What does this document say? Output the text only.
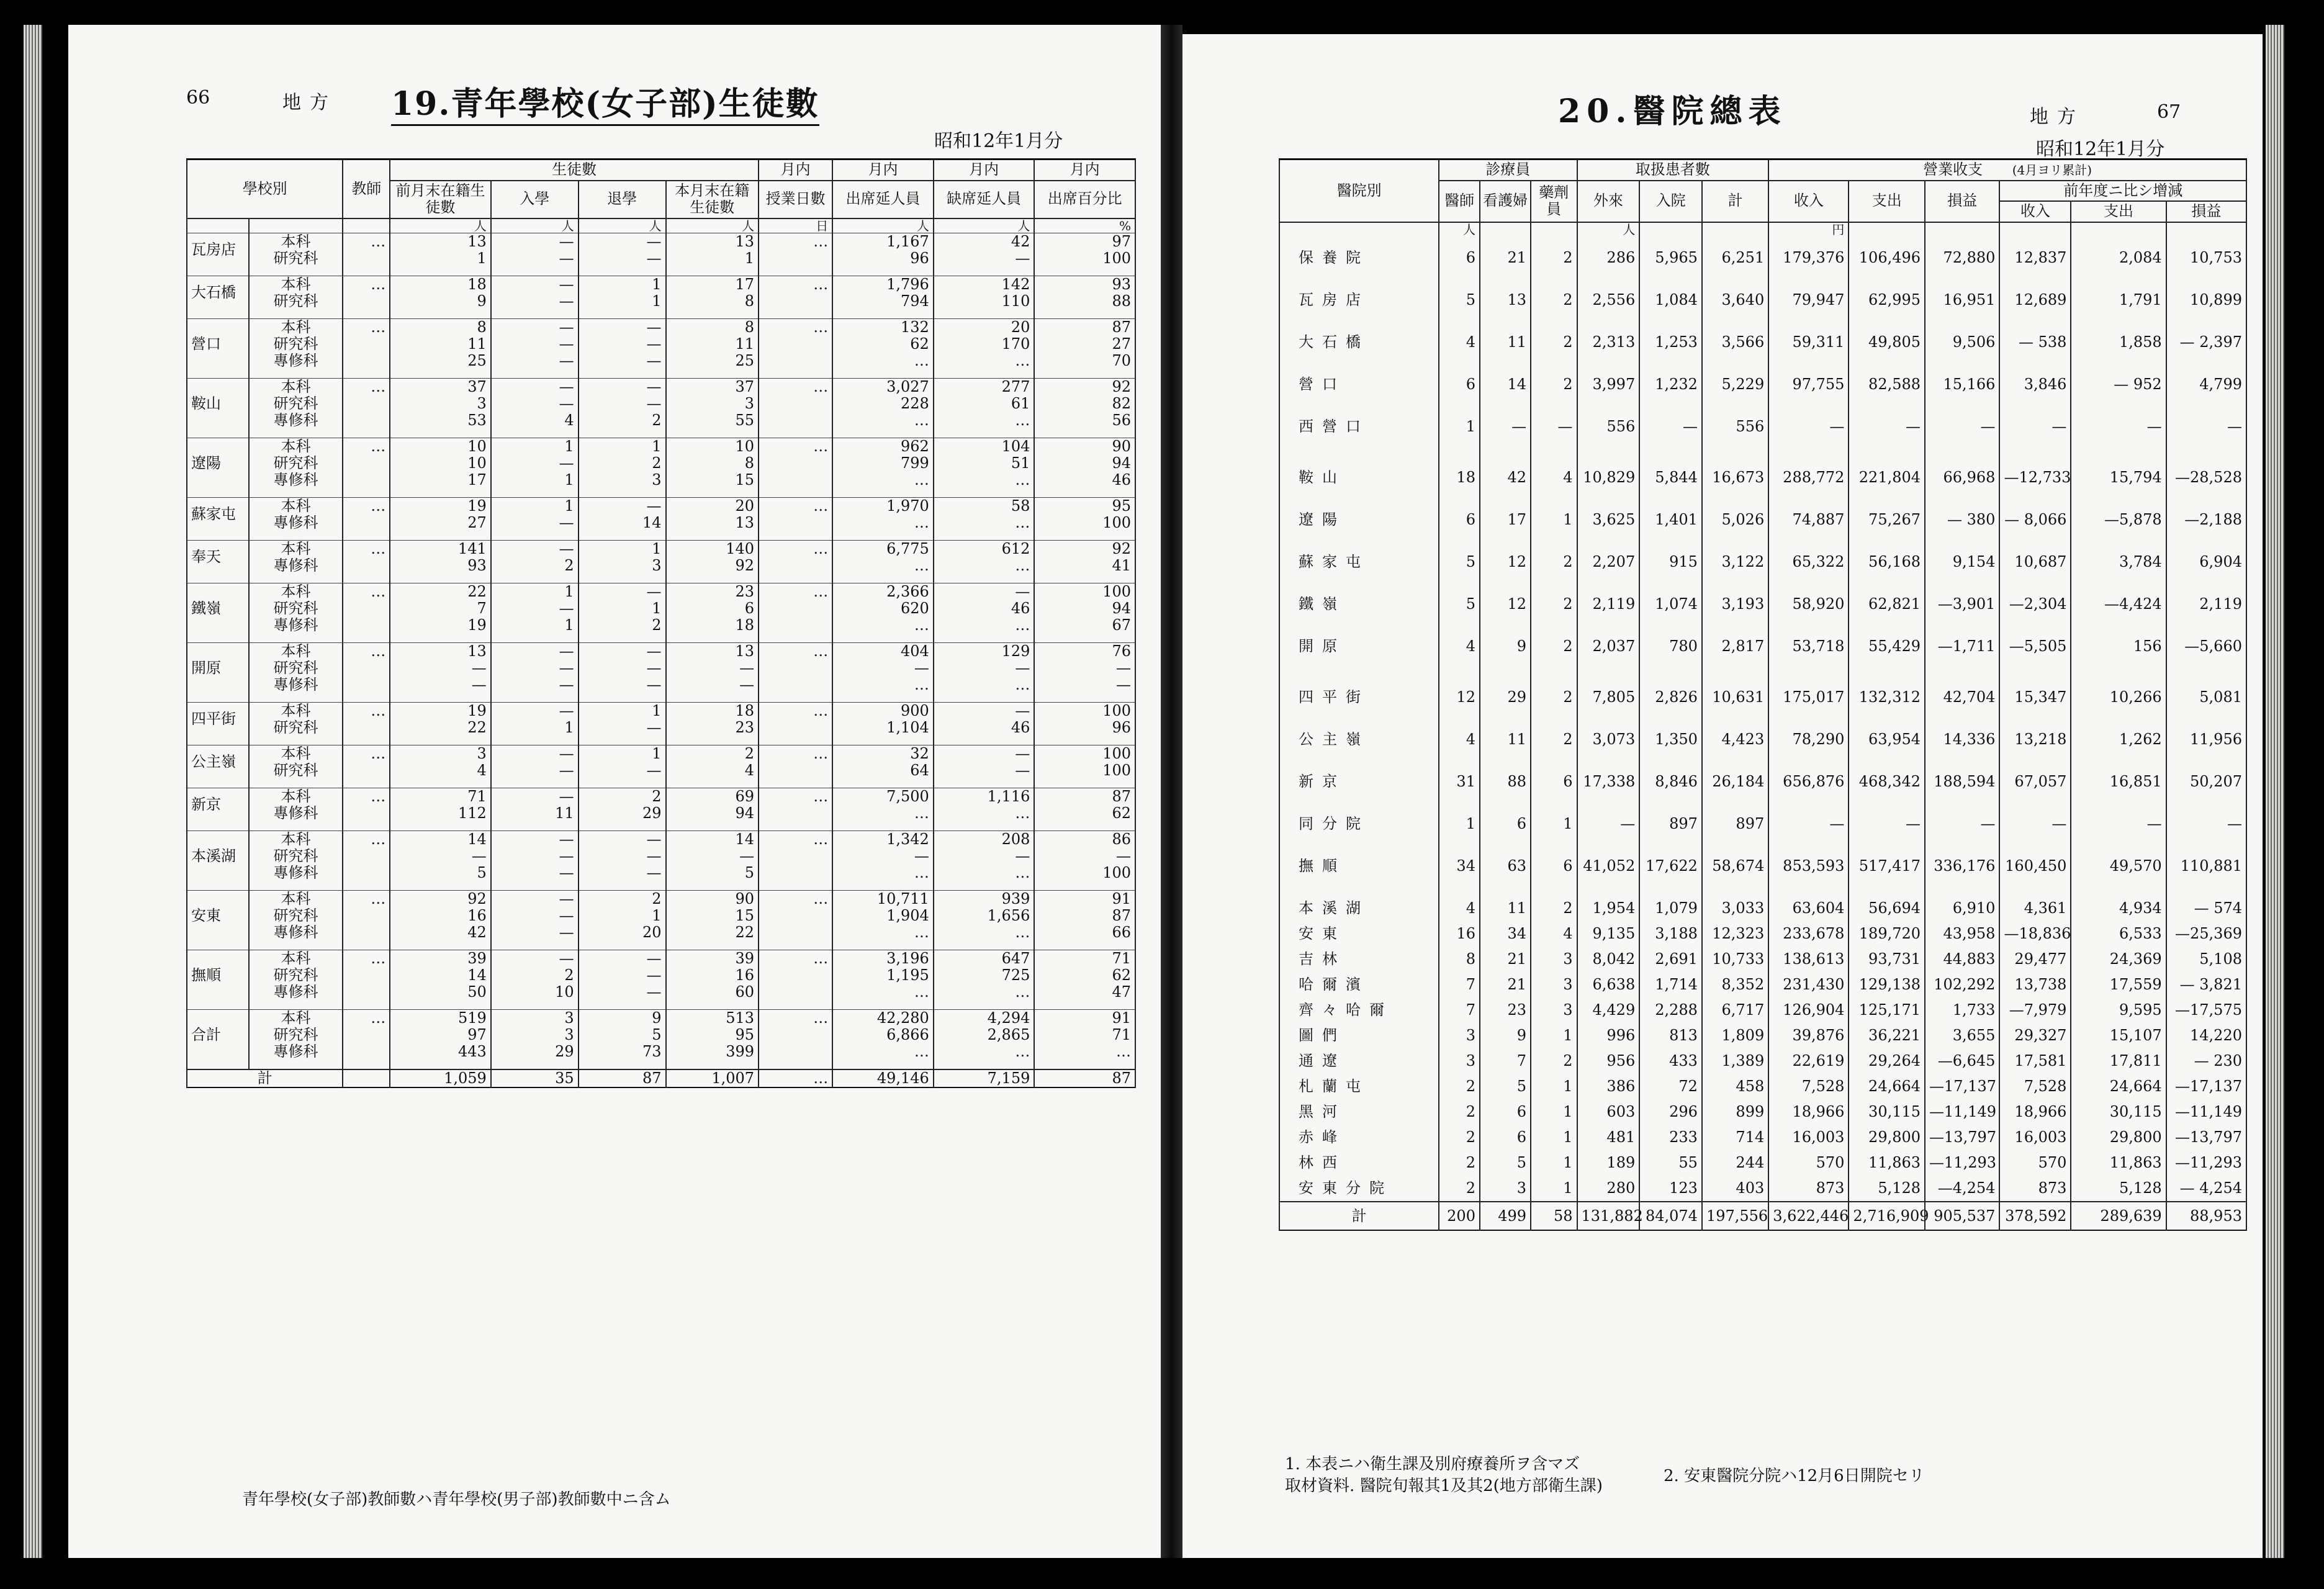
66	地方 19.青年學校(女子部)生徒數
昭和12年1月分
學校別		教師	生徒數				月内	月内	月内	月内
			前月末在籍生徒數	入學	退學	本月末在籍生徒數	授業日數	出席延人員	缺席延人員	出席百分比
			人	人	人	人	日	人	人	%
瓦房店	本科	…	13	—	—	13	…	1,167	42	97
	研究科		1	—	—	1		96	—	100

大石橋	本科	…	18	—	1	17	…	1,796	142	93
	研究科		9	—	1	8		794	110	88

營口	本科	…	8	—	—	8	…	132	20	87
	研究科		11	—	—	11		62	170	27
	專修科		25	—	—	25		…	…	70

鞍山	本科	…	37	—	—	37	…	3,027	277	92
	研究科		3	—	—	3		228	61	82
	專修科		53	4	2	55		…	…	56

遼陽	本科	…	10	1	1	10	…	962	104	90
	研究科		10	—	2	8		799	51	94
	專修科		17	1	3	15		…	…	46

蘇家屯	本科	…	19	1	—	20	…	1,970	58	95
	專修科		27	—	14	13		…	…	100

奉天	本科	…	141	—	1	140	…	6,775	612	92
	專修科		93	2	3	92		…	…	41

鐵嶺	本科	…	22	1	—	23	…	2,366	—	100
	研究科		7	—	1	6		620	46	94
	專修科		19	1	2	18		…	…	67

開原	本科	…	13	—	—	13	…	404	129	76
	研究科		—	—	—	—		—	—	—
	專修科		—	—	—	—		…	…	—

四平街	本科	…	19	—	1	18	…	900	—	100
	研究科		22	1	—	23		1,104	46	96

公主嶺	本科	…	3	—	1	2	…	32	—	100
	研究科		4	—	—	4		64	—	100

新京	本科	…	71	—	2	69	…	7,500	1,116	87
	專修科		112	11	29	94		…	…	62

本溪湖	本科	…	14	—	—	14	…	1,342	208	86
	研究科		—	—	—	—		—	—	—
	專修科		5	—	—	5		…	…	100

安東	本科	…	92	—	2	90	…	10,711	939	91
	研究科		16	—	1	15		1,904	1,656	87
	專修科		42	—	20	22		…	…	66

撫順	本科	…	39	—	—	39	…	3,196	647	71
	研究科		14	2	—	16		1,195	725	62
	專修科		50	10	—	60		…	…	47

合計	本科	…	519	3	9	513	…	42,280	4,294	91
	研究科		97	3	5	95		6,866	2,865	71
	專修科		443	29	73	399		…	…	…

計			1,059	35	87	1,007	…	49,146	7,159	87
青年學校(女子部)教師數ハ青年學校(男子部)教師數中ニ含ム
20.醫院總表	地方	67
昭和12年1月分
醫院別	診療員			取扱患者數			營業收支 (4月ヨリ累計)					
	醫師	看護婦	藥劑員	外來	入院	計	收入	支出	損益	前年度ニ比シ增減		
										收入	支出	損益
	人			人			円					
保養院	6	21	2	286	5,965	6,251	179,376	106,496	72,880	12,837	2,084	10,753
瓦房店	5	13	2	2,556	1,084	3,640	79,947	62,995	16,951	12,689	1,791	10,899
大石橋	4	11	2	2,313	1,253	3,566	59,311	49,805	9,506	— 538	1,858	— 2,397
營口	6	14	2	3,997	1,232	5,229	97,755	82,588	15,166	3,846	— 952	4,799
西營口	1	—	—	556	—	556	—	—	—	—	—	—

鞍山	18	42	4	10,829	5,844	16,673	288,772	221,804	66,968	—12,733	15,794	—28,528
遼陽	6	17	1	3,625	1,401	5,026	74,887	75,267	— 380	— 8,066	—5,878	—2,188
蘇家屯	5	12	2	2,207	915	3,122	65,322	56,168	9,154	10,687	3,784	6,904
鐵嶺	5	12	2	2,119	1,074	3,193	58,920	62,821	—3,901	—2,304	—4,424	2,119
開原	4	9	2	2,037	780	2,817	53,718	55,429	—1,711	—5,505	156	—5,660

四平街	12	29	2	7,805	2,826	10,631	175,017	132,312	42,704	15,347	10,266	5,081
公主嶺	4	11	2	3,073	1,350	4,423	78,290	63,954	14,336	13,218	1,262	11,956
新京	31	88	6	17,338	8,846	26,184	656,876	468,342	188,594	67,057	16,851	50,207
同分院	1	6	1	—	897	897	—	—	—	—	—	—
撫順	34	63	6	41,052	17,622	58,674	853,593	517,417	336,176	160,450	49,570	110,881

本溪湖	4	11	2	1,954	1,079	3,033	63,604	56,694	6,910	4,361	4,934	— 574
安東	16	34	4	9,135	3,188	12,323	233,678	189,720	43,958	—18,836	6,533	—25,369
吉林	8	21	3	8,042	2,691	10,733	138,613	93,731	44,883	29,477	24,369	5,108
哈爾濱	7	21	3	6,638	1,714	8,352	231,430	129,138	102,292	13,738	17,559	— 3,821
齊々哈爾	7	23	3	4,429	2,288	6,717	126,904	125,171	1,733	—7,979	9,595	—17,575
圖們	3	9	1	996	813	1,809	39,876	36,221	3,655	29,327	15,107	14,220
通遼	3	7	2	956	433	1,389	22,619	29,264	—6,645	17,581	17,811	— 230
札蘭屯	2	5	1	386	72	458	7,528	24,664	—17,137	7,528	24,664	—17,137
黑河	2	6	1	603	296	899	18,966	30,115	—11,149	18,966	30,115	—11,149
赤峰	2	6	1	481	233	714	16,003	29,800	—13,797	16,003	29,800	—13,797
林西	2	5	1	189	55	244	570	11,863	—11,293	570	11,863	—11,293
安東分院	2	3	1	280	123	403	873	5,128	—4,254	873	5,128	— 4,254
計	200	499	58	131,882	84,074	197,556	3,622,446	2,716,909	905,537	378,592	289,639	88,953
1. 本表ニハ衛生課及別府療養所ヲ含マズ
2. 安東醫院分院ハ12月6日開院セリ
取材資料. 醫院旬報其1及其2(地方部衛生課)
